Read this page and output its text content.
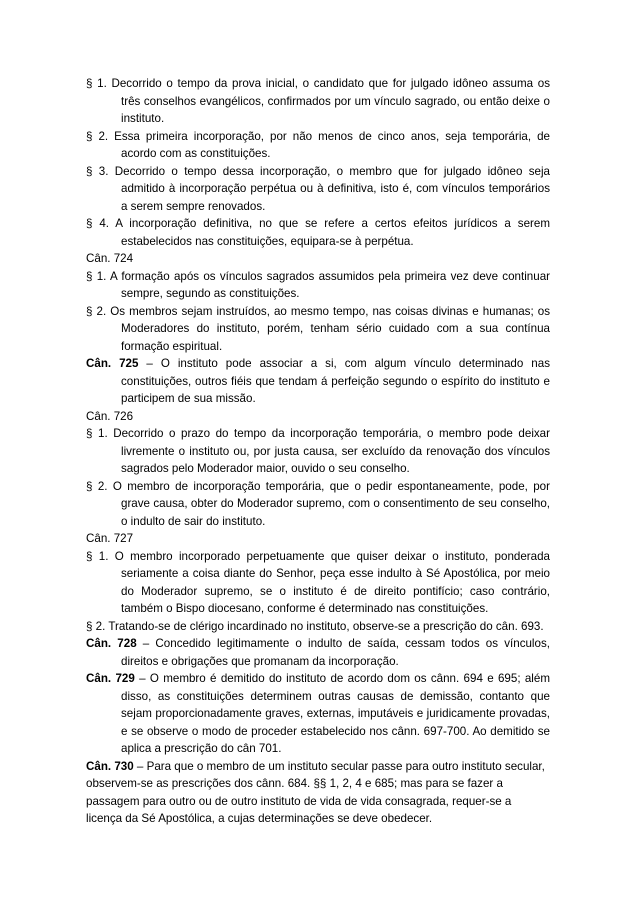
§ 1. Decorrido o tempo da prova inicial, o candidato que for julgado idôneo assuma os três conselhos evangélicos, confirmados por um vínculo sagrado, ou então deixe o instituto.

§ 2. Essa primeira incorporação, por não menos de cinco anos, seja temporária, de acordo com as constituições.

§ 3. Decorrido o tempo dessa incorporação, o membro que for julgado idôneo seja admitido à incorporação perpétua ou à definitiva, isto é, com vínculos temporários a serem sempre renovados.

§ 4. A incorporação definitiva, no que se refere a certos efeitos jurídicos a serem estabelecidos nas constituições, equipara-se à perpétua.

Cân. 724

§ 1. A formação após os vínculos sagrados assumidos pela primeira vez deve continuar sempre, segundo as constituições.

§ 2. Os membros sejam instruídos, ao mesmo tempo, nas coisas divinas e humanas; os Moderadores do instituto, porém, tenham sério cuidado com a sua contínua formação espiritual.

Cân. 725 – O instituto pode associar a si, com algum vínculo determinado nas constituições, outros fiéis que tendam á perfeição segundo o espírito do instituto e participem de sua missão.

Cân. 726

§ 1. Decorrido o prazo do tempo da incorporação temporária, o membro pode deixar livremente o instituto ou, por justa causa, ser excluído da renovação dos vínculos sagrados pelo Moderador maior, ouvido o seu conselho.

§ 2. O membro de incorporação temporária, que o pedir espontaneamente, pode, por grave causa, obter do Moderador supremo, com o consentimento de seu conselho, o indulto de sair do instituto.

Cân. 727

§ 1. O membro incorporado perpetuamente que quiser deixar o instituto, ponderada seriamente a coisa diante do Senhor, peça esse indulto à Sé Apostólica, por meio do Moderador supremo, se o instituto é de direito pontifício; caso contrário, também o Bispo diocesano, conforme é determinado nas constituições.

§ 2. Tratando-se de clérigo incardinado no instituto, observe-se a prescrição do cân. 693.

Cân. 728 – Concedido legitimamente o indulto de saída, cessam todos os vínculos, direitos e obrigações que promanam da incorporação.

Cân. 729 – O membro é demitido do instituto de acordo dom os cânn. 694 e 695; além disso, as constituições determinem outras causas de demissão, contanto que sejam proporcionadamente graves, externas, imputáveis e juridicamente provadas, e se observe o modo de proceder estabelecido nos cânn. 697-700. Ao demitido se aplica a prescrição do cân 701.

Cân. 730 – Para que o membro de um instituto secular passe para outro instituto secular, observem-se as prescrições dos cânn. 684. §§ 1, 2, 4 e 685; mas para se fazer a passagem para outro ou de outro instituto de vida de vida consagrada, requer-se a licença da Sé Apostólica, a cujas determinações se deve obedecer.
